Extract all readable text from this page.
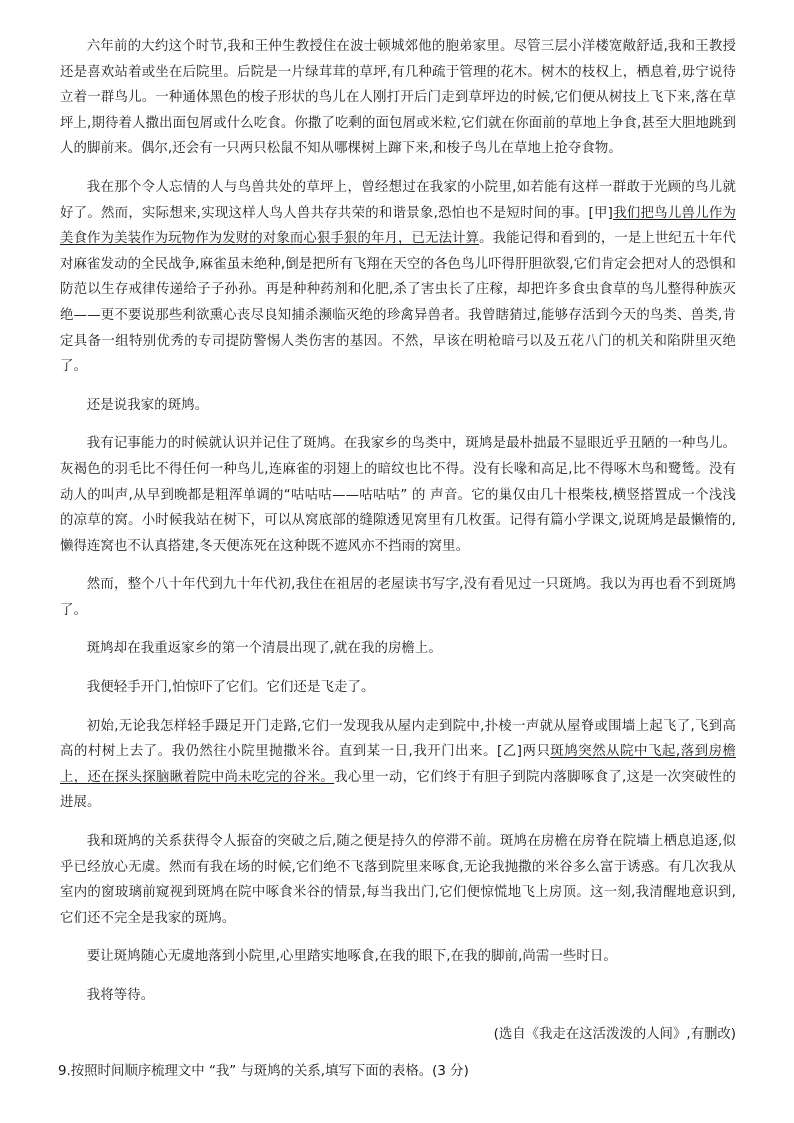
六年前的大约这个时节,我和王仲生教授住在波士顿城郊他的胞弟家里。尽管三层小洋楼宽敞舒适,我和王教授还是喜欢站着或坐在后院里。后院是一片绿茸茸的草坪,有几种疏于管理的花木。树木的枝权上，栖息着,毋宁说待立着一群鸟儿。一种通体黑色的梭子形状的鸟儿在人刚打开后门走到草坪边的时候,它们便从树技上飞下来,落在草坪上,期待着人撒出面包屑或什么吃食。你撒了吃剩的面包屑或米粒,它们就在你面前的草地上争食,甚至大胆地跳到人的脚前来。偶尔,还会有一只两只松鼠不知从哪棵树上蹿下来,和梭子鸟儿在草地上抢夺食物。

我在那个令人忘情的人与鸟兽共处的草坪上，曾经想过在我家的小院里,如若能有这样一群敢于光顾的鸟儿就好了。然而，实际想来,实现这样人鸟人兽共存共荣的和谐景象,恐怕也不是短时间的事。[甲]我们把鸟儿兽儿作为美食作为美装作为玩物作为发财的对象而心狠手狠的年月，已无法计算。我能记得和看到的，一是上世纪五十年代对麻雀发动的全民战争,麻雀虽未绝种,倒是把所有飞翔在天空的各色鸟儿吓得肝胆欲裂,它们肯定会把对人的恐惧和防范以生存戒律传递给子子孙孙。再是种种药剂和化肥,杀了害虫长了庄稼，却把许多食虫食草的鸟儿整得种族灭绝——更不要说那些利欲熏心丧尽良知捕杀濒临灭绝的珍禽异兽者。我曾瞎猜过,能够存活到今天的鸟类、兽类,肯定具备一组特别优秀的专司提防警惕人类伤害的基因。不然，早该在明枪暗弓以及五花八门的机关和陷阱里灭绝了。

还是说我家的斑鸠。

我有记事能力的时候就认识并记住了斑鸠。在我家乡的鸟类中，斑鸠是最朴拙最不显眼近乎丑陋的一种鸟儿。灰褐色的羽毛比不得任何一种鸟儿,连麻雀的羽翅上的暗纹也比不得。没有长喙和高足,比不得啄木鸟和鹭鸶。没有动人的叫声,从早到晚都是粗浑单调的“咕咕咕——咕咕咕” 的 声音。它的巢仅由几十根柴枝,横竖搭置成一个浅浅的凉草的窝。小时候我站在树下，可以从窝底部的缝隙透见窝里有几枚蛋。记得有篇小学课文,说斑鸠是最懒惰的,懒得连窝也不认真搭建,冬天便冻死在这种既不遮风亦不挡雨的窝里。

然而，整个八十年代到九十年代初,我住在祖居的老屋读书写字,没有看见过一只斑鸠。我以为再也看不到斑鸠了。

斑鸠却在我重返家乡的第一个清晨出现了,就在我的房檐上。

我便轻手开门,怕惊吓了它们。它们还是飞走了。

初始,无论我怎样轻手蹑足开门走路,它们一发现我从屋内走到院中,扑棱一声就从屋脊或围墙上起飞了,飞到高高的村树上去了。我仍然往小院里抛撒米谷。直到某一日,我开门出来。[乙]两只斑鸠突然从院中飞起,落到房檐上，还在探头探脑瞅着院中尚未吃完的谷米。我心里一动，它们终于有胆子到院内落脚啄食了,这是一次突破性的进展。

我和斑鸠的关系获得令人振奋的突破之后,随之便是持久的停滞不前。斑鸠在房檐在房脊在院墙上栖息追逐,似乎已经放心无虞。然而有我在场的时候,它们绝不飞落到院里来啄食,无论我抛撒的米谷多么富于诱惑。有几次我从室内的窗玻璃前窥视到斑鸠在院中啄食米谷的情景,每当我出门,它们便惊慌地飞上房顶。这一刻,我清醒地意识到,它们还不完全是我家的斑鸠。

要让斑鸠随心无虞地落到小院里,心里踏实地啄食,在我的眼下,在我的脚前,尚需一些时日。

我将等待。

(选自《我走在这活泼泼的人间》,有删改)

9.按照时间顺序梳理文中 “我” 与斑鸠的关系,填写下面的表格。(3 分)
